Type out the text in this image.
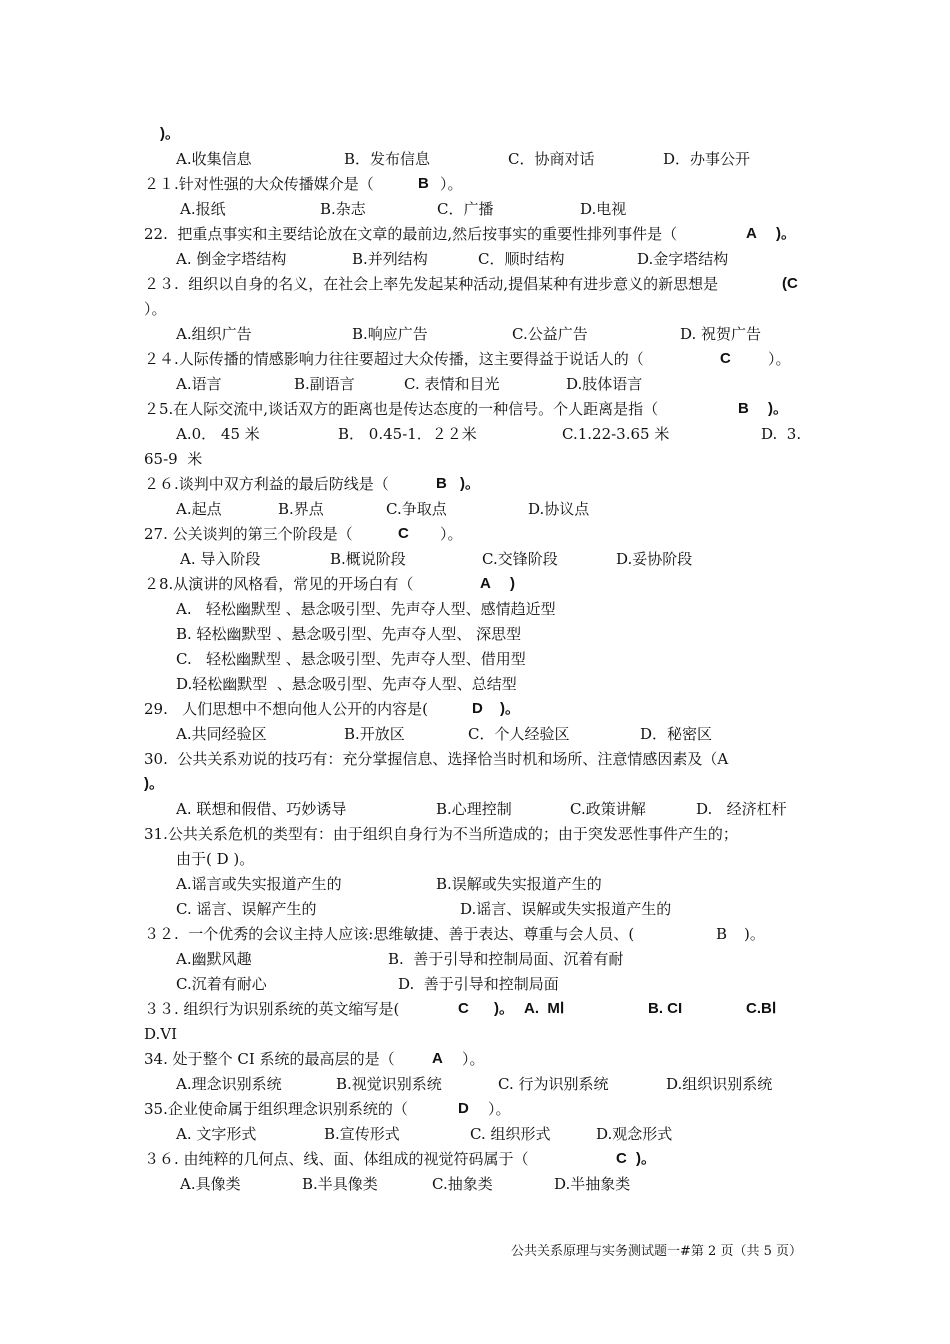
)。

A.收集信息

	B．发布信息

	C．协商对话

	D．办事公开

２１.针对性强的大众传播媒介是（

	B

）。

A.报纸

	B.杂志

	C．广播

	D.电视

22.  把重点事实和主要结论放在文章的最前边,然后按事实的重要性排列事件是（

	A

)。

A. 倒金字塔结构

	B.并列结构

	C．顺时结构

	D.金字塔结构

２３.  组织以自身的名义，在社会上率先发起某种活动,提倡某种有进步意义的新思想是

	(C

）。

A.组织广告

	B.响应广告

	C.公益广告

	D. 祝贺广告

２４.人际传播的情感影响力往往要超过大众传播，这主要得益于说话人的（

	C

）。

A.语言

	B.副语言

	C. 表情和目光

	D.肢体语言

２5.在人际交流中,谈话双方的距离也是传达态度的一种信号。个人距离是指（

	B

)。

A.0． 45 米

	B． 0.45-1．２２米

	C.1.22-3.65 米

	D.  3.

65-9  米

２６.谈判中双方利益的最后防线是（

	B

)。

A.起点

	B.界点

	C.争取点

	D.协议点

27. 公关谈判的第三个阶段是（

	C

）。

A. 导入阶段

	B.概说阶段

	C.交锋阶段

	D.妥协阶段

２8.从演讲的风格看，常见的开场白有（

	A

)

A.   轻松幽默型 、悬念吸引型、先声夺人型、感情趋近型

B. 轻松幽默型 、悬念吸引型、先声夺人型、 深思型

C.   轻松幽默型 、悬念吸引型、先声夺人型、借用型

D.轻松幽默型  、悬念吸引型、先声夺人型、总结型

29.   人们思想中不想向他人公开的内容是(

	D

)。

A.共同经验区

	B.开放区

	C．个人经验区

	D．秘密区

30.  公共关系劝说的技巧有：充分掌握信息、选择恰当时机和场所、注意情感因素及（A

)。

A. 联想和假借、巧妙诱导

	B.心理控制

	C.政策讲解

	D.   经济杠杆

31.公共关系危机的类型有：由于组织自身行为不当所造成的；由于突发恶性事件产生的；

由于( D )。

A.谣言或失实报道产生的

	B.误解或失实报道产生的

C. 谣言、误解产生的

	D.谣言、误解或失实报道产生的

３２.  一个优秀的会议主持人应该:思维敏捷、善于表达、尊重与会人员、(

	B

)。

A.幽默风趣

	B.  善于引导和控制局面、沉着有耐

C.沉着有耐心

	D.  善于引导和控制局面

３３. 组织行为识别系统的英文缩写是(

	C

)。

A.  MⅠ

	B. CI

	C.BⅠ

D.VⅠ

34. 处于整个 CI 系统的最高层的是（

A

）。

A.理念识别系统

	B.视觉识别系统

	C. 行为识别系统

	D.组织识别系统

35.企业使命属于组织理念识别系统的（

	D

）。

A. 文字形式

	B.宣传形式

	C. 组织形式

	D.观念形式

３６. 由纯粹的几何点、线、面、体组成的视觉符码属于（

	C

)。

A.具像类

	B.半具像类

	C.抽象类

	D.半抽象类

公共关系原理与实务测试题一#第 2 页（共 5 页）
